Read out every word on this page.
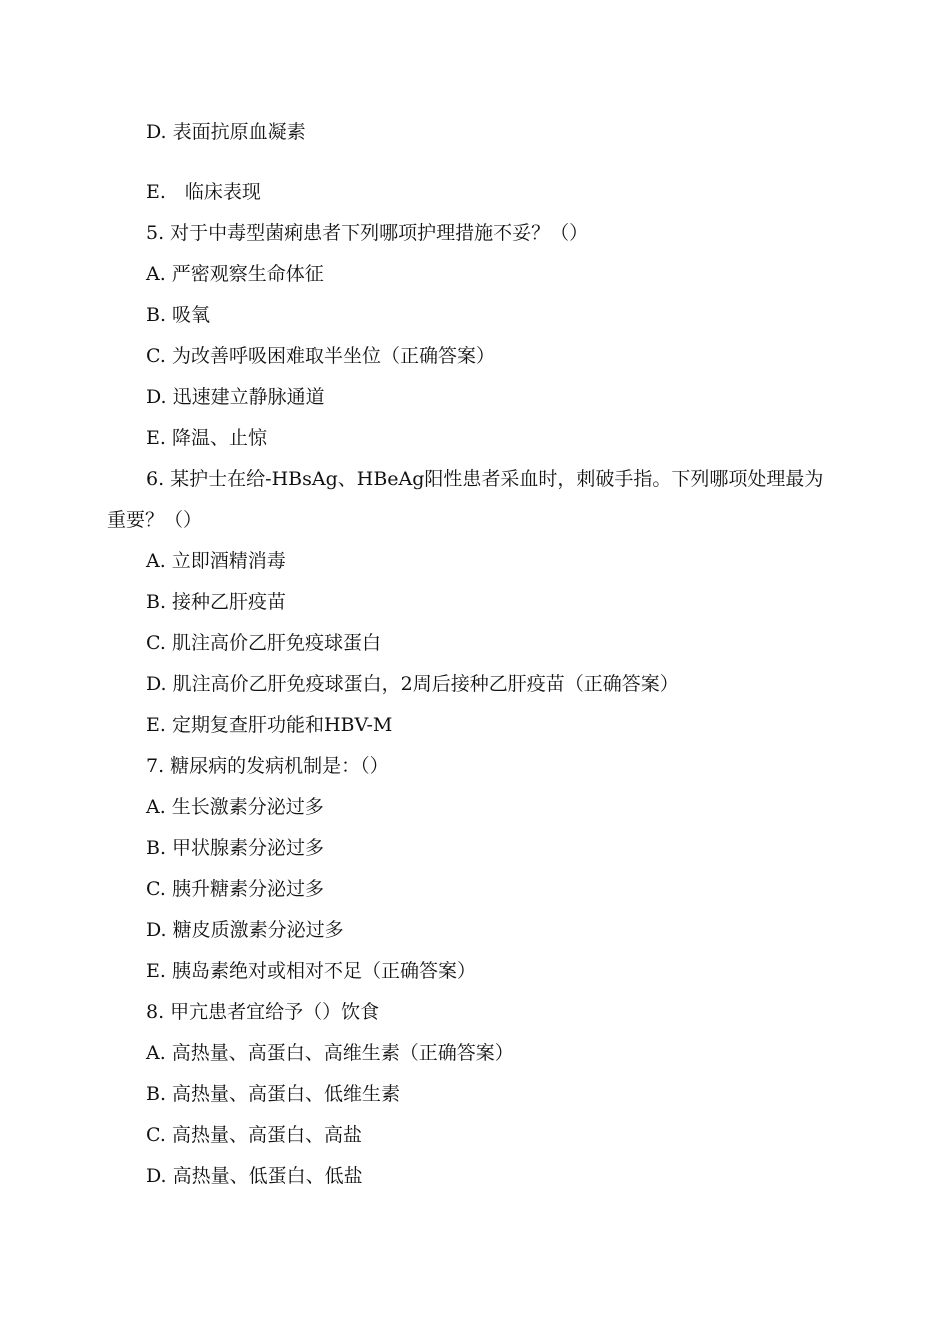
D. 表面抗原血凝素
E.　临床表现
5. 对于中毒型菌痢患者下列哪项护理措施不妥？（）
A. 严密观察生命体征
B. 吸氧
C. 为改善呼吸困难取半坐位（正确答案）
D. 迅速建立静脉通道
E. 降温、止惊
6. 某护士在给-HBsAg、HBeAg阳性患者采血时，刺破手指。下列哪项处理最为
重要？（）
A. 立即酒精消毒
B. 接种乙肝疫苗
C. 肌注高价乙肝免疫球蛋白
D. 肌注高价乙肝免疫球蛋白，2周后接种乙肝疫苗（正确答案）
E. 定期复查肝功能和HBV-M
7. 糖尿病的发病机制是：（）
A. 生长激素分泌过多
B. 甲状腺素分泌过多
C. 胰升糖素分泌过多
D. 糖皮质激素分泌过多
E. 胰岛素绝对或相对不足（正确答案）
8. 甲亢患者宜给予（）饮食
A. 高热量、高蛋白、高维生素（正确答案）
B. 高热量、高蛋白、低维生素
C. 高热量、高蛋白、高盐
D. 高热量、低蛋白、低盐
